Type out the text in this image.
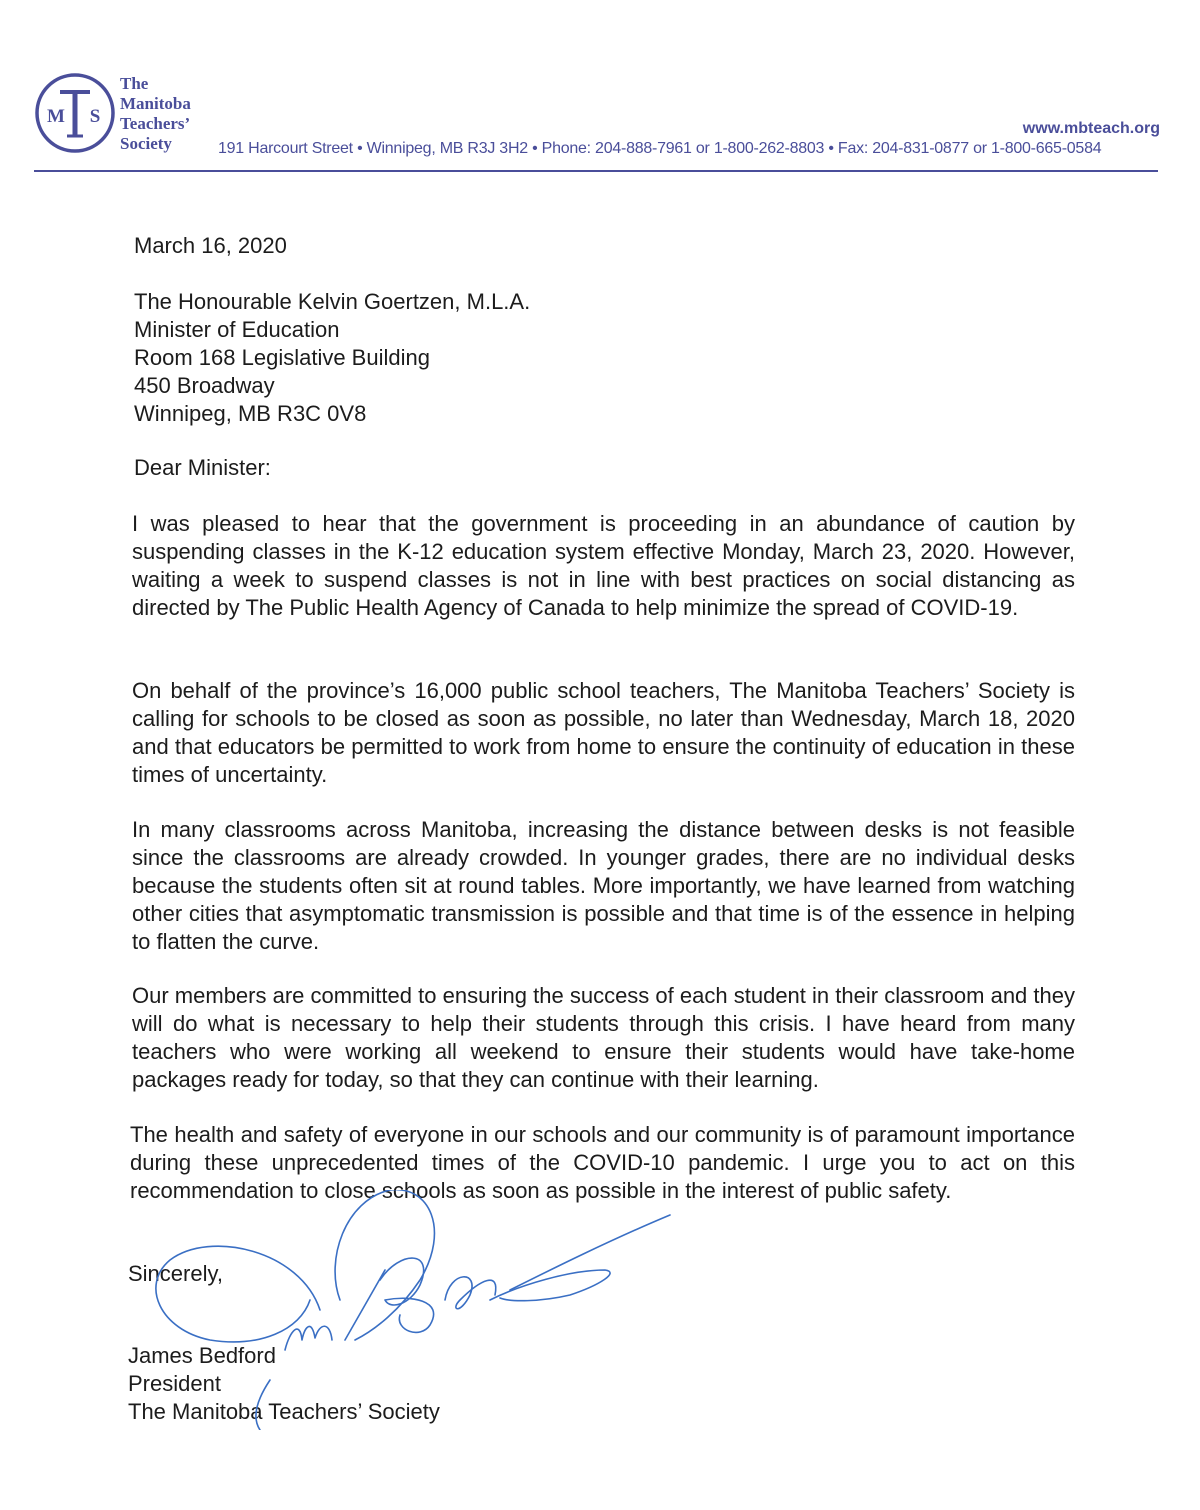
M S
The
Manitoba
Teachers’
Society
www.mbteach.org
191 Harcourt Street • Winnipeg, MB R3J 3H2 • Phone: 204-888-7961 or 1-800-262-8803 • Fax: 204-831-0877 or 1-800-665-0584
March 16, 2020
The Honourable Kelvin Goertzen, M.L.A.
Minister of Education
Room 168 Legislative Building
450 Broadway
Winnipeg, MB R3C 0V8
Dear Minister:
I was pleased to hear that the government is proceeding in an abundance of caution by suspending classes in the K-12 education system effective Monday, March 23, 2020. However, waiting a week to suspend classes is not in line with best practices on social distancing as directed by The Public Health Agency of Canada to help minimize the spread of COVID-19.
On behalf of the province’s 16,000 public school teachers, The Manitoba Teachers’ Society is calling for schools to be closed as soon as possible, no later than Wednesday, March 18, 2020 and that educators be permitted to work from home to ensure the continuity of education in these times of uncertainty.
In many classrooms across Manitoba, increasing the distance between desks is not feasible since the classrooms are already crowded. In younger grades, there are no individual desks because the students often sit at round tables. More importantly, we have learned from watching other cities that asymptomatic transmission is possible and that time is of the essence in helping to flatten the curve.
Our members are committed to ensuring the success of each student in their classroom and they will do what is necessary to help their students through this crisis. I have heard from many teachers who were working all weekend to ensure their students would have take-home packages ready for today, so that they can continue with their learning.
The health and safety of everyone in our schools and our community is of paramount importance during these unprecedented times of the COVID-10 pandemic. I urge you to act on this recommendation to close schools as soon as possible in the interest of public safety.
Sincerely,
James Bedford
President
The Manitoba Teachers’ Society
